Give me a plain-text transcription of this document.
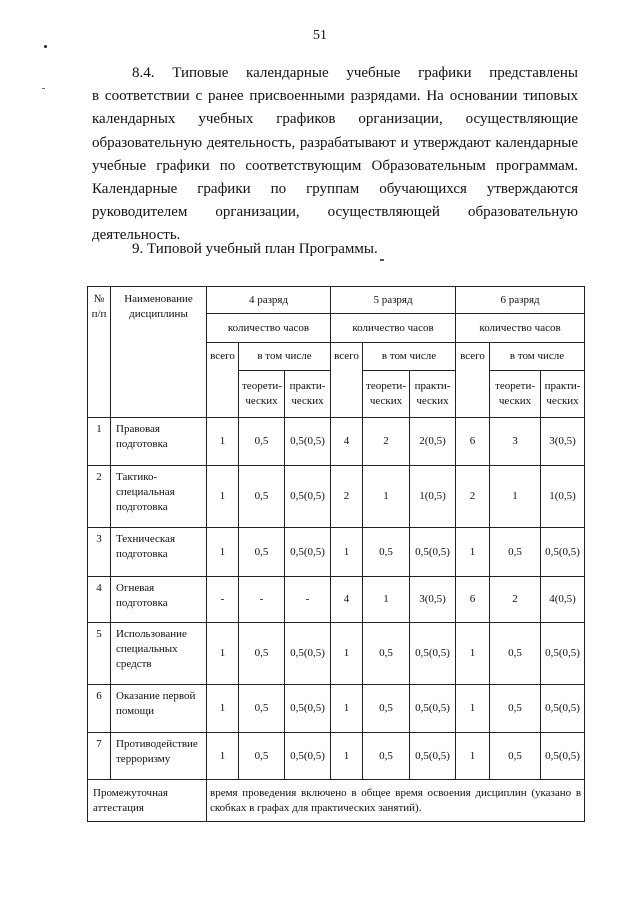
51
8.4. Типовые календарные учебные графики представлены
в соответствии с ранее присвоенными разрядами. На основании типовых
календарных учебных графиков организации, осуществляющие
образовательную деятельность, разрабатывают и утверждают календарные
учебные графики по соответствующим Образовательным программам.
Календарные графики по группам обучающихся утверждаются
руководителем организации, осуществляющей образовательную
деятельность.
9. Типовой учебный план Программы.
№ п/п	Наименование дисциплины	4 разряд			5 разряд			6 разряд		
		количество часов			количество часов			количество часов		
		всего	в том числе		всего	в том числе		всего	в том числе	
			теорети-ческих	практи-ческих		теорети-ческих	практи-ческих		теорети-ческих	практи-ческих
1	Правовая подготовка	1	0,5	0,5(0,5)	4	2	2(0,5)	6	3	3(0,5)
2	Тактико-специальная подготовка	1	0,5	0,5(0,5)	2	1	1(0,5)	2	1	1(0,5)
3	Техническая подготовка	1	0,5	0,5(0,5)	1	0,5	0,5(0,5)	1	0,5	0,5(0,5)
4	Огневая подготовка	-	-	-	4	1	3(0,5)	6	2	4(0,5)
5	Использование специальных средств	1	0,5	0,5(0,5)	1	0,5	0,5(0,5)	1	0,5	0,5(0,5)
6	Оказание первой помощи	1	0,5	0,5(0,5)	1	0,5	0,5(0,5)	1	0,5	0,5(0,5)
7	Противодействие терроризму	1	0,5	0,5(0,5)	1	0,5	0,5(0,5)	1	0,5	0,5(0,5)
Промежуточная аттестация		время проведения включено в общее время освоения дисциплин (указано в скобках в графах для практических занятий).								
